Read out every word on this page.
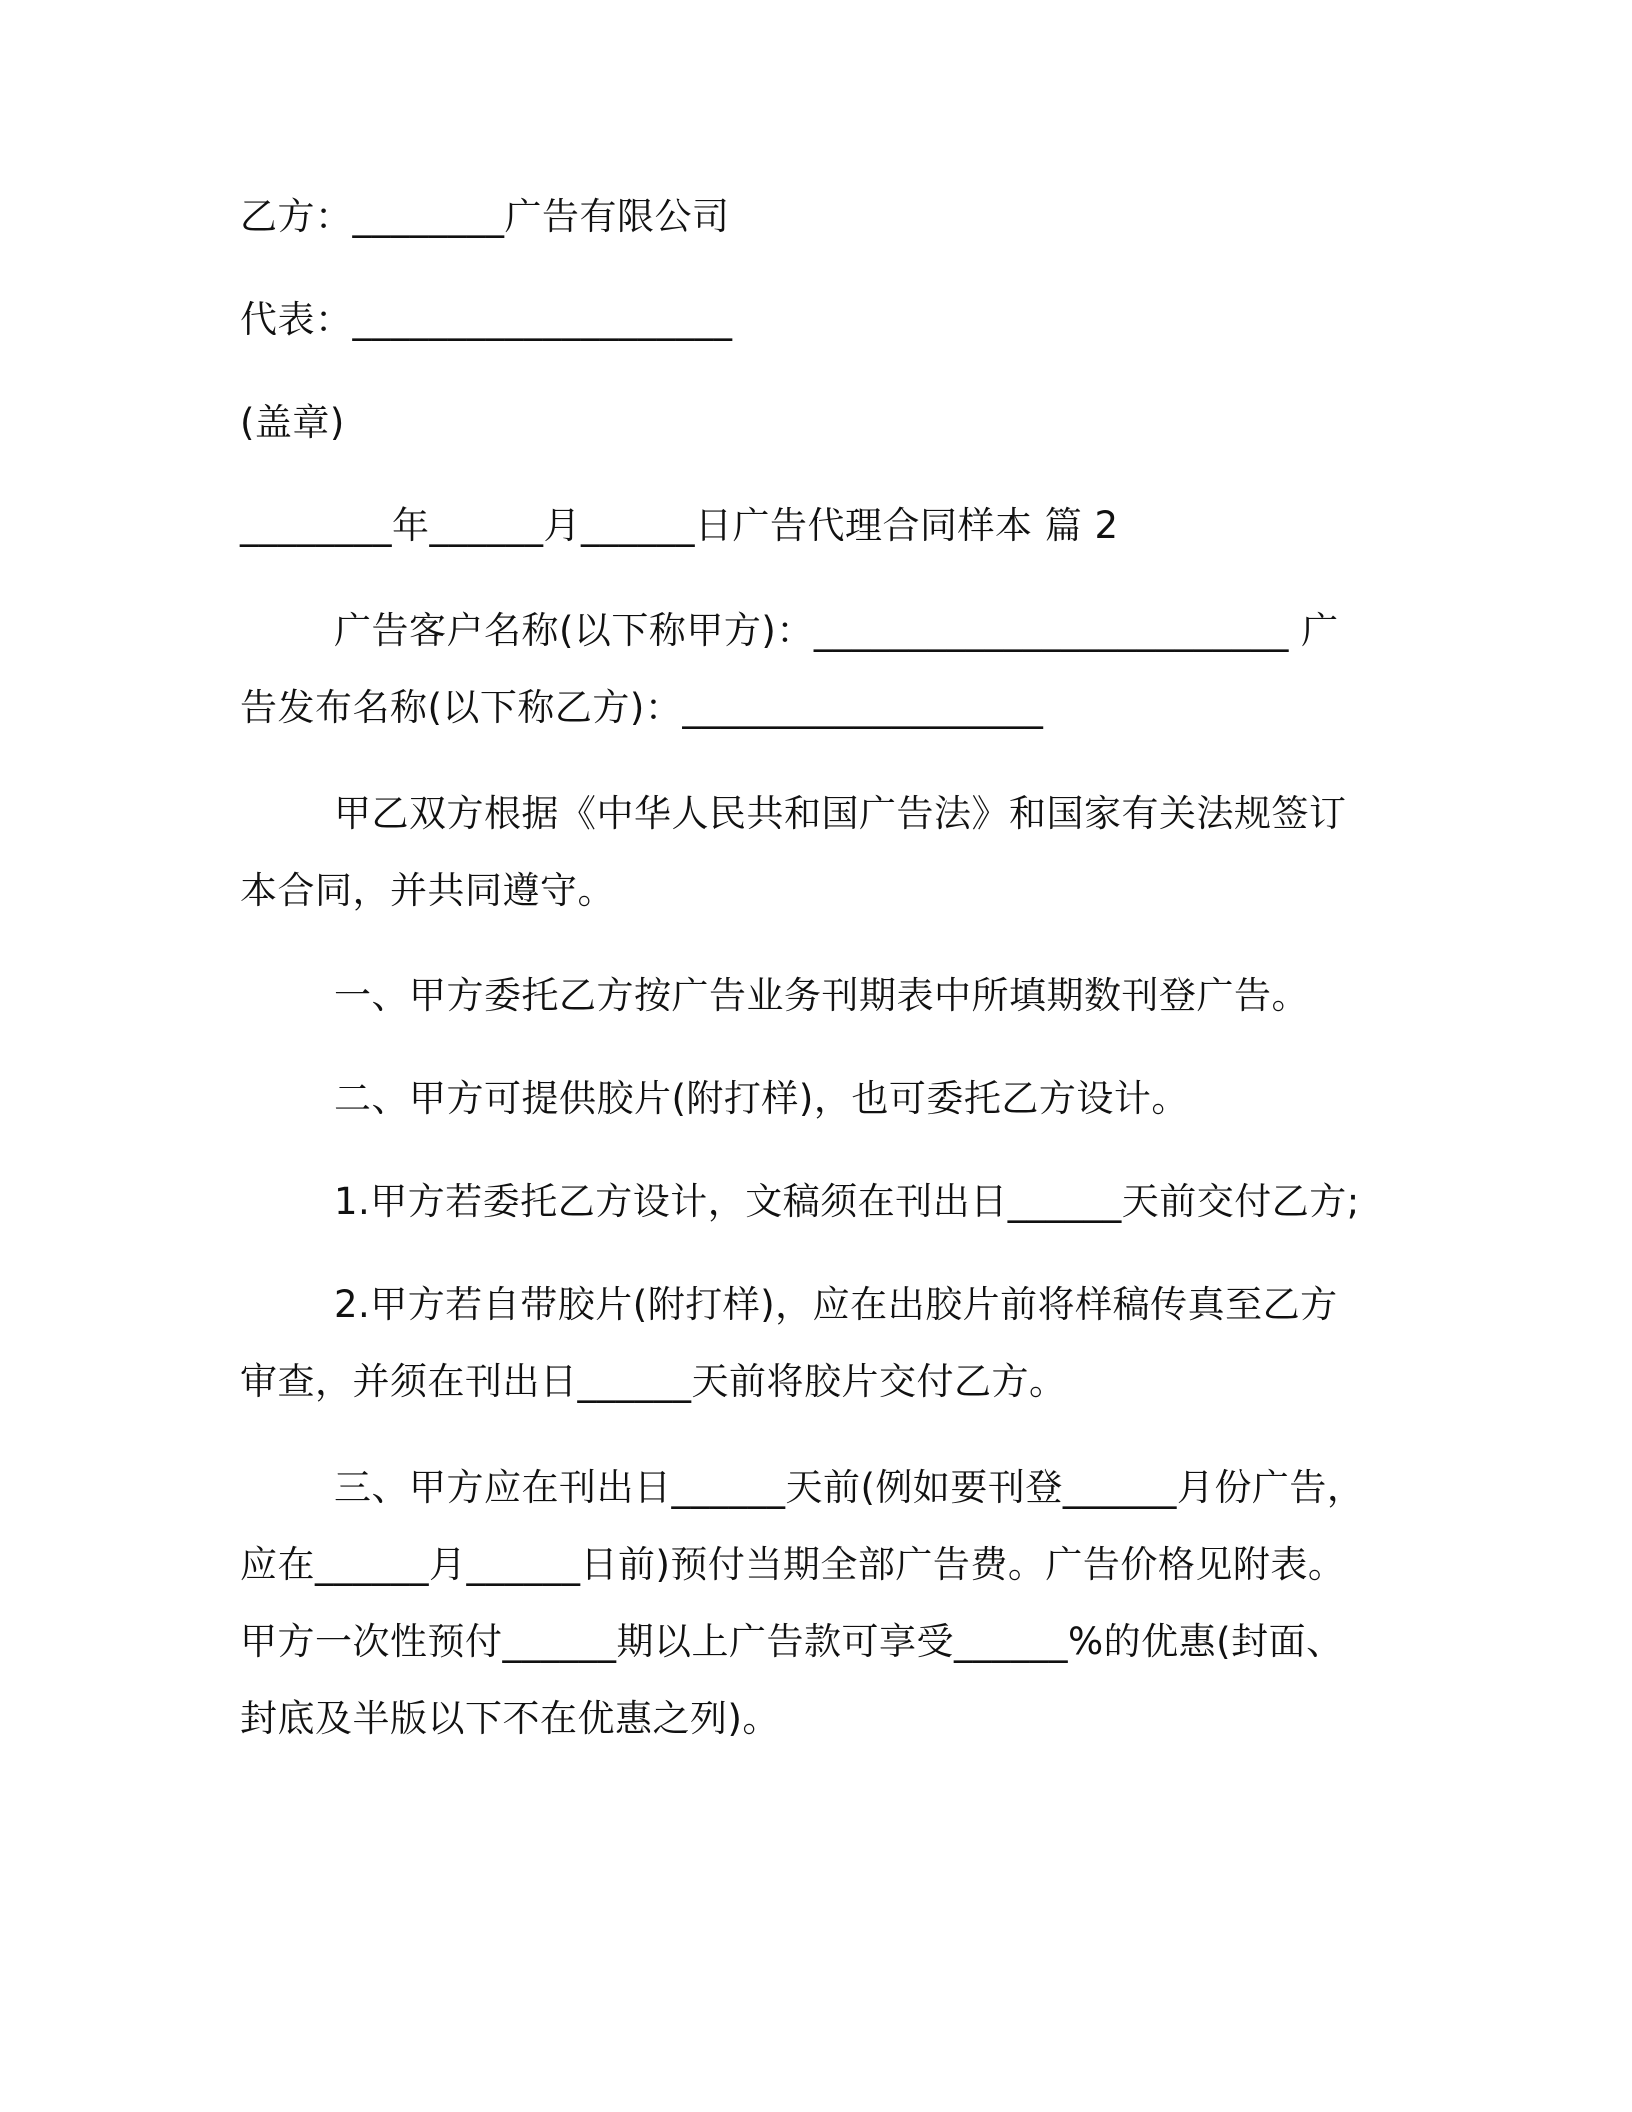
乙方：________广告有限公司
代表：____________________
(盖章)
________年______月______日广告代理合同样本 篇 2
广告客户名称(以下称甲方)：_________________________ 广告发布名称(以下称乙方)：___________________
甲乙双方根据《中华人民共和国广告法》和国家有关法规签订本合同，并共同遵守。
一、甲方委托乙方按广告业务刊期表中所填期数刊登广告。
二、甲方可提供胶片(附打样)，也可委托乙方设计。
1.甲方若委托乙方设计，文稿须在刊出日______天前交付乙方;
2.甲方若自带胶片(附打样)，应在出胶片前将样稿传真至乙方审查，并须在刊出日______天前将胶片交付乙方。
三、甲方应在刊出日______天前(例如要刊登______月份广告，应在______月______日前)预付当期全部广告费。广告价格见附表。甲方一次性预付______期以上广告款可享受______%的优惠(封面、封底及半版以下不在优惠之列)。
